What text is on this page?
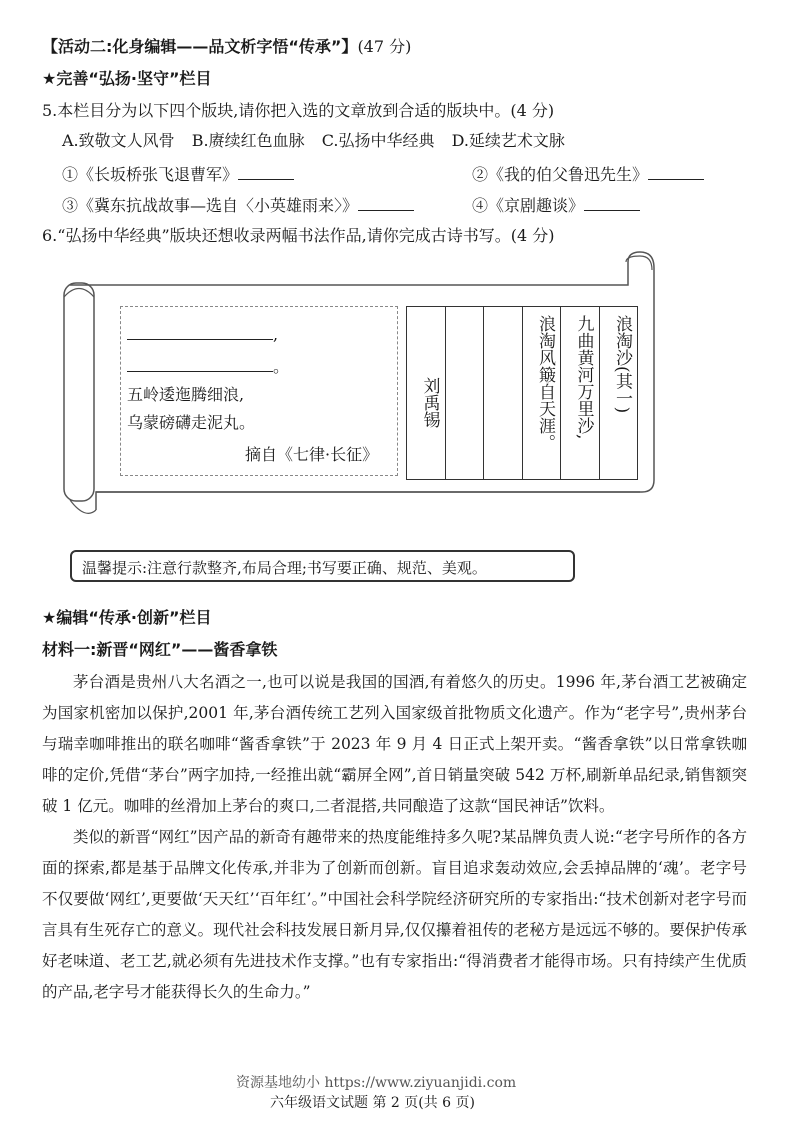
【活动二:化身编辑——品文析字悟“传承”】(47 分)
★完善“弘扬·坚守”栏目
5.本栏目分为以下四个版块,请你把入选的文章放到合适的版块中。(4 分)
A.致敬文人风骨 B.赓续红色血脉 C.弘扬中华经典 D.延续艺术文脉
①《长坂桥张飞退曹军》	②《我的伯父鲁迅先生》
③《冀东抗战故事—选自〈小英雄雨来〉》	④《京剧趣谈》
6.“弘扬中华经典”版块还想收录两幅书法作品,请你完成古诗书写。(4 分)
,
。
五岭逶迤腾细浪,
乌蒙磅礴走泥丸。
摘自《七律·长征》
刘禹锡	浪淘风簸自天涯。	九曲黄河万里沙,	浪淘沙(其一)
温馨提示:注意行款整齐,布局合理;书写要正确、规范、美观。
★编辑“传承·创新”栏目
材料一:新晋“网红”——酱香拿铁

茅台酒是贵州八大名酒之一,也可以说是我国的国酒,有着悠久的历史。1996 年,茅台酒工艺被确定为国家机密加以保护,2001 年,茅台酒传统工艺列入国家级首批物质文化遗产。作为“老字号”,贵州茅台与瑞幸咖啡推出的联名咖啡“酱香拿铁”于 2023 年 9 月 4 日正式上架开卖。“酱香拿铁”以日常拿铁咖啡的定价,凭借“茅台”两字加持,一经推出就“霸屏全网”,首日销量突破 542 万杯,刷新单品纪录,销售额突破 1 亿元。咖啡的丝滑加上茅台的爽口,二者混搭,共同酿造了这款“国民神话”饮料。

类似的新晋“网红”因产品的新奇有趣带来的热度能维持多久呢?某品牌负责人说:“老字号所作的各方面的探索,都是基于品牌文化传承,并非为了创新而创新。盲目追求轰动效应,会丢掉品牌的‘魂’。老字号不仅要做‘网红’,更要做‘天天红’‘百年红’。”中国社会科学院经济研究所的专家指出:“技术创新对老字号而言具有生死存亡的意义。现代社会科技发展日新月异,仅仅攥着祖传的老秘方是远远不够的。要保护传承好老味道、老工艺,就必须有先进技术作支撑。”也有专家指出:“得消费者才能得市场。只有持续产生优质的产品,老字号才能获得长久的生命力。”

资源基地幼小 https://www.ziyuanjidi.com
六年级语文试题 第 2 页(共 6 页)
